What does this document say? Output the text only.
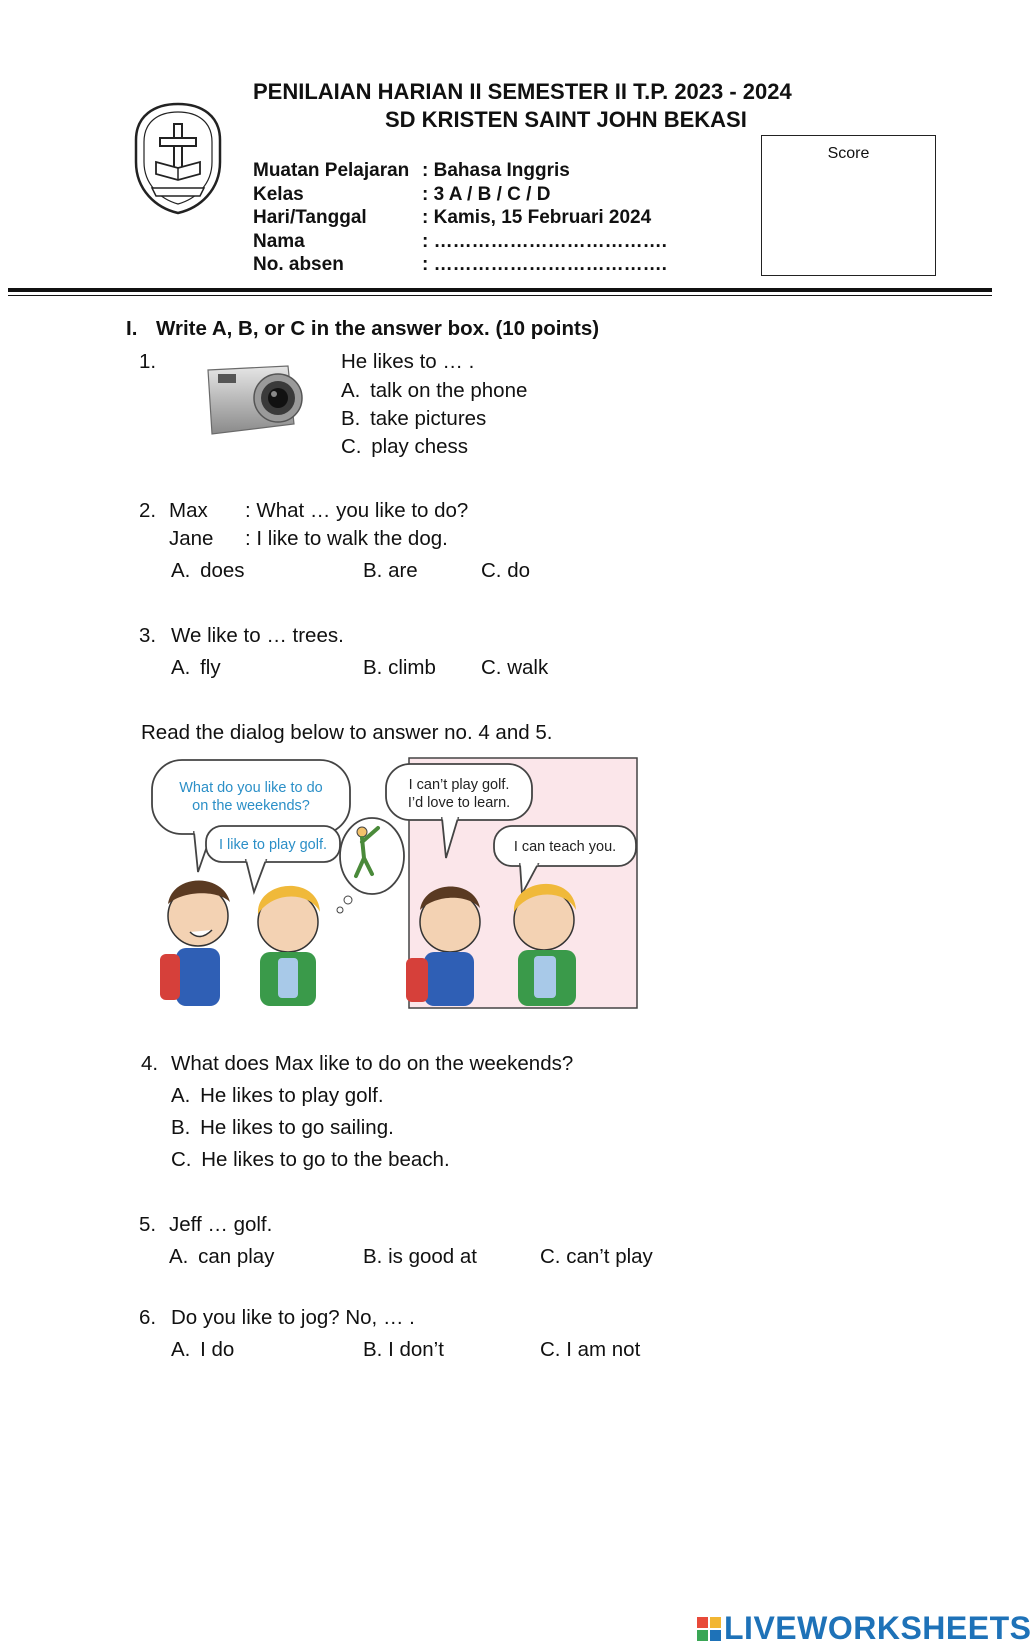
PENILAIAN HARIAN II SEMESTER II T.P. 2023 - 2024
SD KRISTEN SAINT JOHN BEKASI
Muatan Pelajaran : Bahasa Inggris
Kelas	: 3 A / B / C / D
Hari/Tanggal	: Kamis, 15 Februari 2024
Nama	: ……………………………….
No. absen	: ……………………………….
Score
I. Write A, B, or C in the answer box. (10 points)
1.	He likes to … .
A. talk on the phone
B. take pictures
C. play chess
2. Max : What … you like to do?
Jane : I like to walk the dog.
A. does	B. are	C. do
3. We like to … trees.
A. fly	B. climb C. walk
Read the dialog below to answer no. 4 and 5.
What do you like to do
on the weekends?
I like to play golf.
I can’t play golf.
I’d love to learn.
I can teach you.
4. What does Max like to do on the weekends?
A. He likes to play golf.
B. He likes to go sailing.
C. He likes to go to the beach.
5. Jeff … golf.
A. can play	B. is good at	C. can’t play
6. Do you like to jog? No, … .
A. I do	B. I don’t	C. I am not
LIVEWORKSHEETS
